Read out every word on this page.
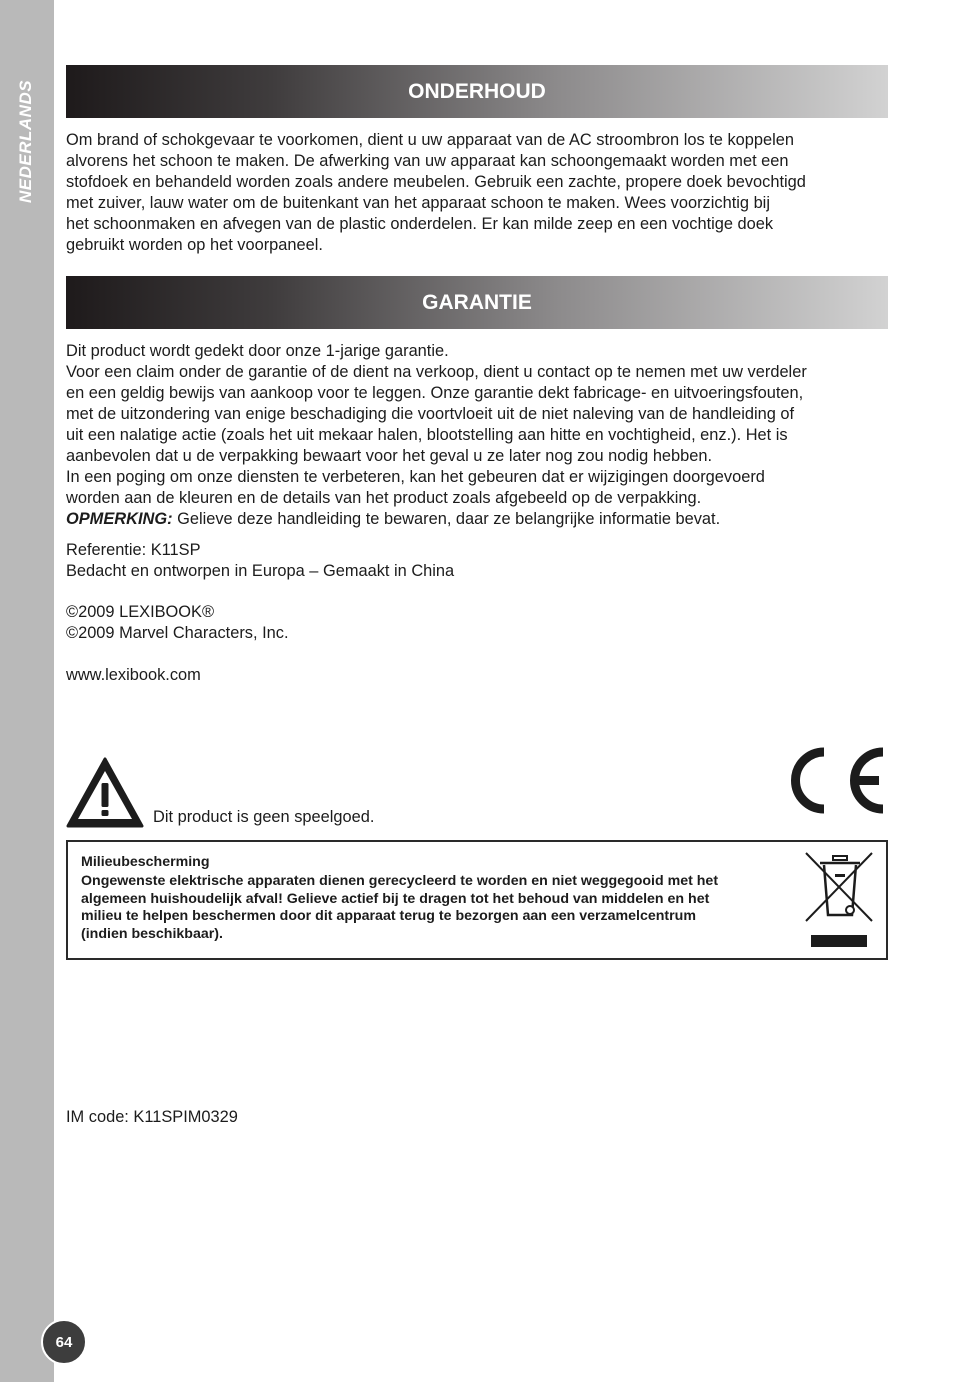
NEDERLANDS
64
ONDERHOUD

Om brand of schokgevaar te voorkomen, dient u uw apparaat van de AC stroombron los te koppelen
alvorens het schoon te maken. De afwerking van uw apparaat kan schoongemaakt worden met een
stofdoek en behandeld worden zoals andere meubelen. Gebruik een zachte, propere doek bevochtigd
met zuiver, lauw water om de buitenkant van het apparaat schoon te maken. Wees voorzichtig bij
het schoonmaken en afvegen van de plastic onderdelen. Er kan milde zeep en een vochtige doek
gebruikt worden op het voorpaneel.

GARANTIE

Dit product wordt gedekt door onze 1-jarige garantie.
Voor een claim onder de garantie of de dient na verkoop, dient u contact op te nemen met uw verdeler
en een geldig bewijs van aankoop voor te leggen. Onze garantie dekt fabricage- en uitvoeringsfouten,
met de uitzondering van enige beschadiging die voortvloeit uit de niet naleving van de handleiding of
uit een nalatige actie (zoals het uit mekaar halen, blootstelling aan hitte en vochtigheid, enz.). Het is
aanbevolen dat u de verpakking bewaart voor het geval u ze later nog zou nodig hebben.
In een poging om onze diensten te verbeteren, kan het gebeuren dat er wijzigingen doorgevoerd
worden aan de kleuren en de details van het product zoals afgebeeld op de verpakking.
OPMERKING: Gelieve deze handleiding te bewaren, daar ze belangrijke informatie bevat.

Referentie: K11SP
Bedacht en ontworpen in Europa – Gemaakt in China

©2009 LEXIBOOK®
©2009 Marvel Characters, Inc.

www.lexibook.com

Dit product is geen speelgoed.
Milieubescherming
Ongewenste elektrische apparaten dienen gerecycleerd te worden en niet weggegooid met het
algemeen huishoudelijk afval! Gelieve actief bij te dragen tot het behoud van middelen en het
milieu te helpen beschermen door dit apparaat terug te bezorgen aan een verzamelcentrum
(indien beschikbaar).

IM code: K11SPIM0329
